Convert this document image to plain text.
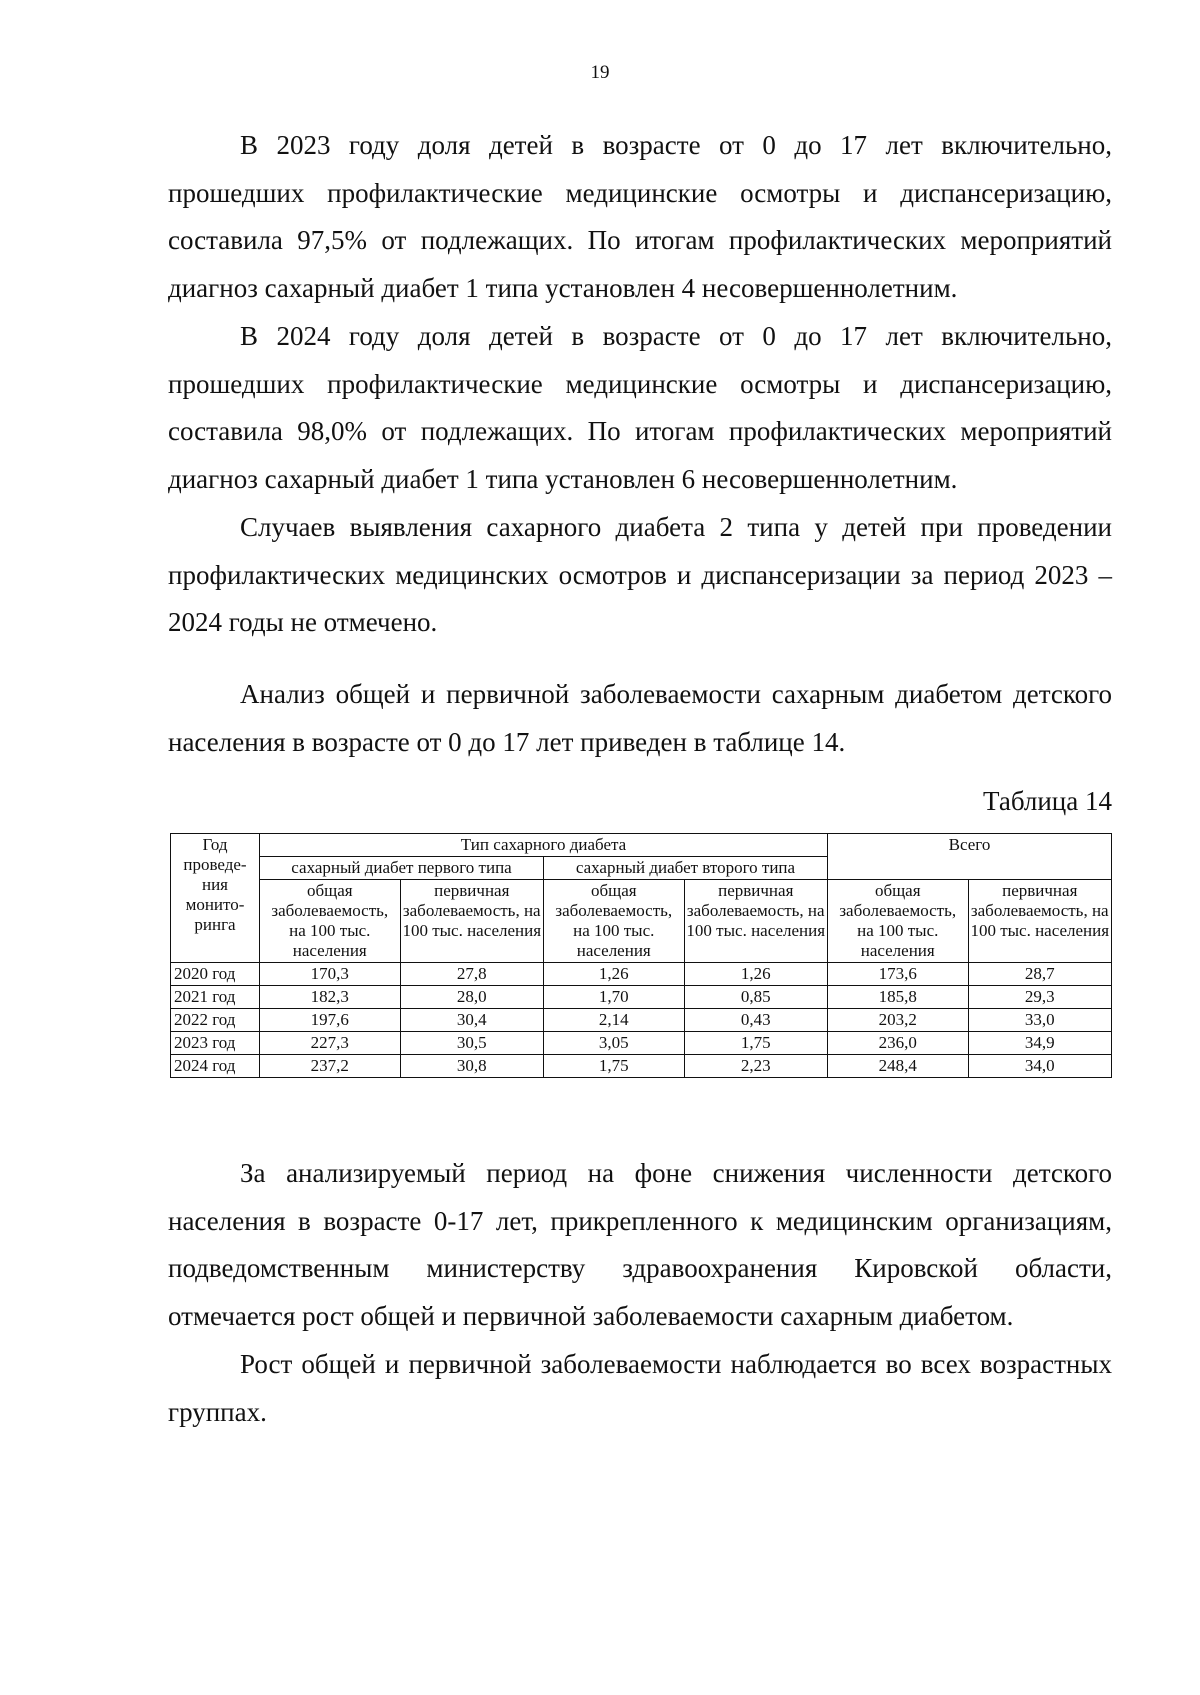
19

В 2023 году доля детей в возрасте от 0 до 17 лет включительно, прошедших профилактические медицинские осмотры и диспансеризацию, составила 97,5% от подлежащих. По итогам профилактических мероприятий диагноз сахарный диабет 1 типа установлен 4 несовершеннолетним.

В 2024 году доля детей в возрасте от 0 до 17 лет включительно, прошедших профилактические медицинские осмотры и диспансеризацию, составила 98,0% от подлежащих. По итогам профилактических мероприятий диагноз сахарный диабет 1 типа установлен 6 несовершеннолетним.

Случаев выявления сахарного диабета 2 типа у детей при проведении профилактических медицинских осмотров и диспансеризации за период 2023 – 2024 годы не отмечено.

Анализ общей и первичной заболеваемости сахарным диабетом детского населения в возрасте от 0 до 17 лет приведен в таблице 14.

Таблица 14
Год проведе-ния монито-ринга	Тип сахарного диабета				Всего	
	сахарный диабет первого типа		сахарный диабет второго типа			
	общая заболеваемость, на 100 тыс. населения	первичная заболеваемость, на 100 тыс. населения	общая заболеваемость, на 100 тыс. населения	первичная заболеваемость, на 100 тыс. населения	общая заболеваемость, на 100 тыс. населения	первичная заболеваемость, на 100 тыс. населения
2020 год	170,3	27,8	1,26	1,26	173,6	28,7
2021 год	182,3	28,0	1,70	0,85	185,8	29,3
2022 год	197,6	30,4	2,14	0,43	203,2	33,0
2023 год	227,3	30,5	3,05	1,75	236,0	34,9
2024 год	237,2	30,8	1,75	2,23	248,4	34,0

За анализируемый период на фоне снижения численности детского населения в возрасте 0-17 лет, прикрепленного к медицинским организациям, подведомственным министерству здравоохранения Кировской области, отмечается рост общей и первичной заболеваемости сахарным диабетом.

Рост общей и первичной заболеваемости наблюдается во всех возрастных группах.
